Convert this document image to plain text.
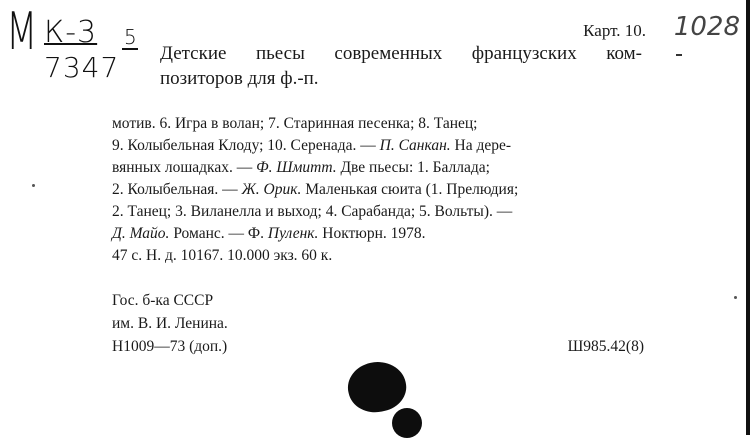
М К-3
7347
5	1028
Карт. 10.
Детские пьесы современных французских ком-
позиторов для ф.-п.
мотив. 6. Игра в волан; 7. Старинная песенка; 8. Танец;
9. Колыбельная Клоду; 10. Серенада. — П. Санкан. На дере-
вянных лошадках. — Ф. Шмитт. Две пьесы: 1. Баллада;
2. Колыбельная. — Ж. Орик. Маленькая сюита (1. Прелюдия;
2. Танец; 3. Виланелла и выход; 4. Сарабанда; 5. Вольты). —
Д. Майо. Романс. — Ф. Пуленк. Ноктюрн. 1978.
47 с. Н. д. 10167. 10.000 экз. 60 к.
Гос. б-ка СССР
им. В. И. Ленина.
Н1009—73 (доп.)	Ш985.42(8)
